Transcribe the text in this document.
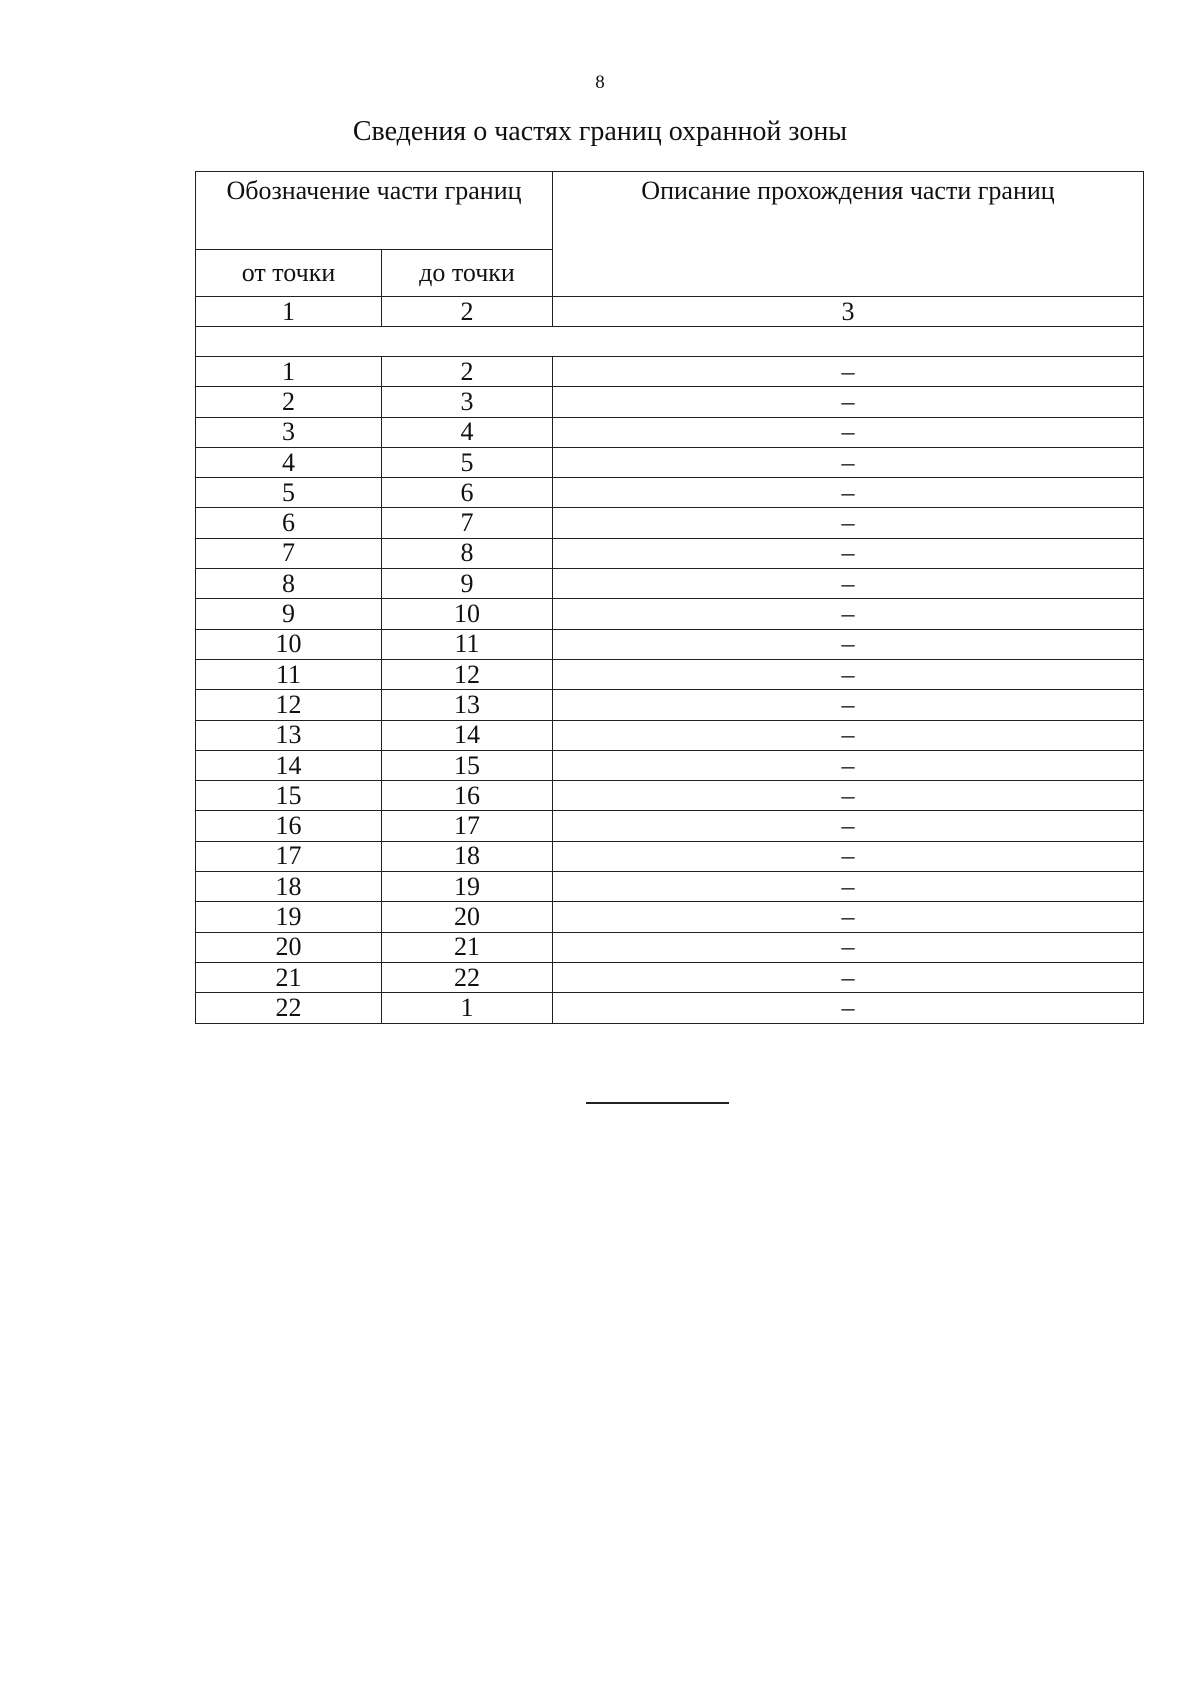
8
Сведения о частях границ охранной зоны
Обозначение части границ		Описание прохождения части границ
от точки	до точки	
1	2	3

1	2	–
2	3	–
3	4	–
4	5	–
5	6	–
6	7	–
7	8	–
8	9	–
9	10	–
10	11	–
11	12	–
12	13	–
13	14	–
14	15	–
15	16	–
16	17	–
17	18	–
18	19	–
19	20	–
20	21	–
21	22	–
22	1	–
